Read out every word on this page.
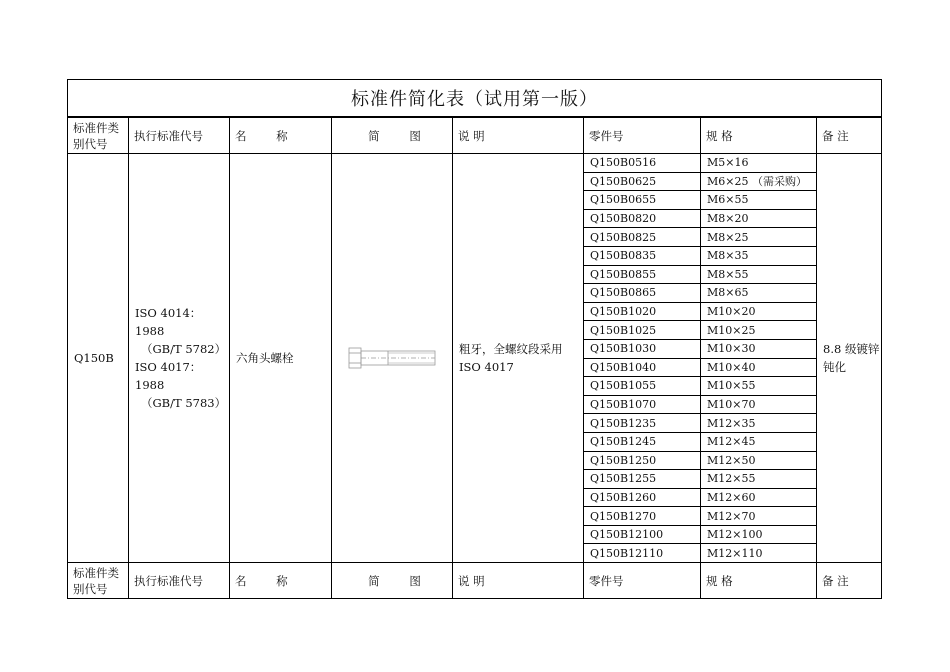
标准件简化表（试用第一版）							
标准件类别代号	执行标准代号	名 称	简 图	说 明	零件号	规 格	备 注
Q150B	ISO 4014：1988
（GB/T 5782）
ISO 4017：1988
（GB/T 5783）	六角头螺栓		粗牙，全螺纹段采用ISO 4017	Q150B0516	M5×16	8.8 级镀锌钝化
					Q150B0625	M6×25 （需采购）	
					Q150B0655	M6×55	
					Q150B0820	M8×20	
					Q150B0825	M8×25	
					Q150B0835	M8×35	
					Q150B0855	M8×55	
					Q150B0865	M8×65	
					Q150B1020	M10×20	
					Q150B1025	M10×25	
					Q150B1030	M10×30	
					Q150B1040	M10×40	
					Q150B1055	M10×55	
					Q150B1070	M10×70	
					Q150B1235	M12×35	
					Q150B1245	M12×45	
					Q150B1250	M12×50	
					Q150B1255	M12×55	
					Q150B1260	M12×60	
					Q150B1270	M12×70	
					Q150B12100	M12×100	
					Q150B12110	M12×110	
标准件类别代号	执行标准代号	名 称	简 图	说 明	零件号	规 格	备 注
